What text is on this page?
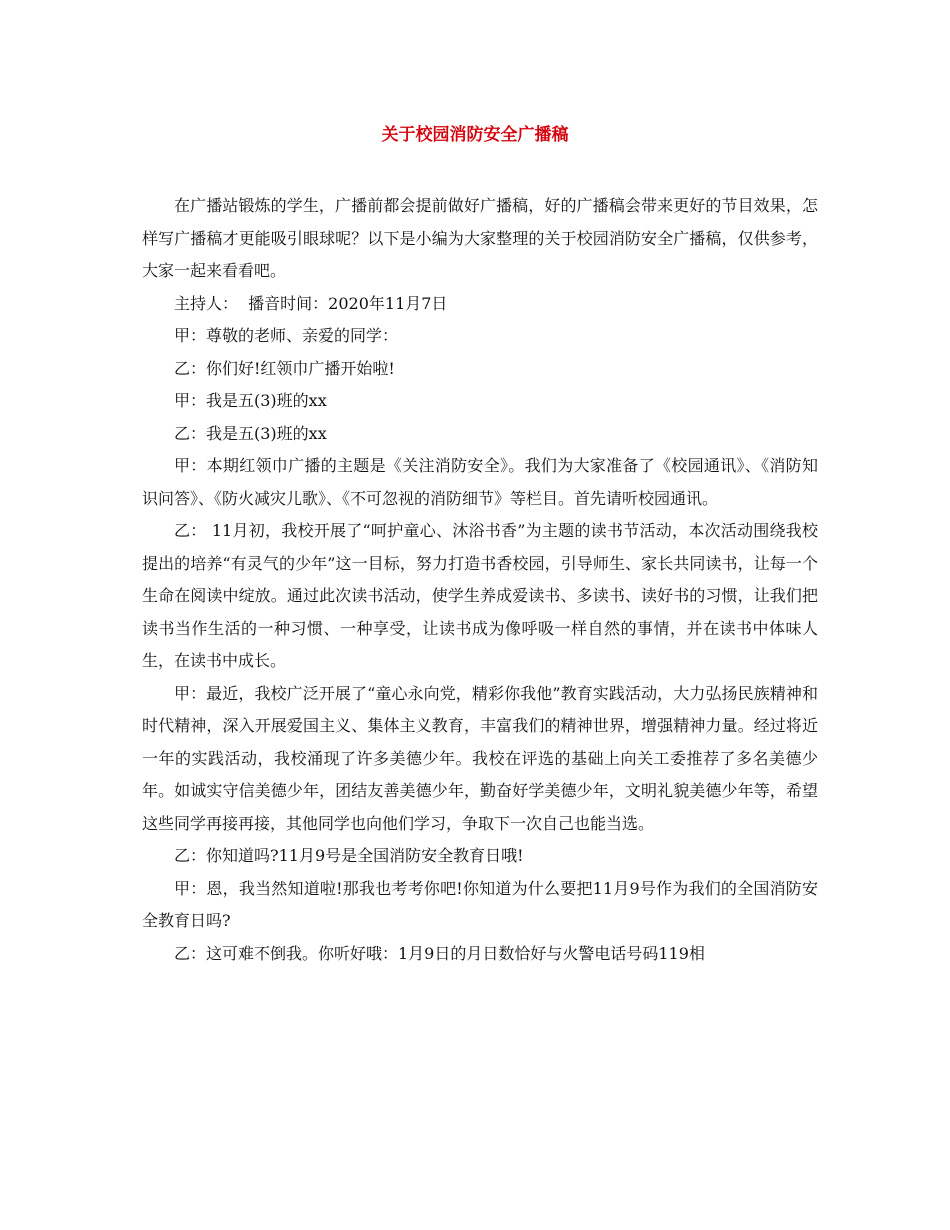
关于校园消防安全广播稿

在广播站锻炼的学生，广播前都会提前做好广播稿，好的广播稿会带来更好的节目效果，怎样写广播稿才更能吸引眼球呢？以下是小编为大家整理的关于校园消防安全广播稿，仅供参考，大家一起来看看吧。

主持人：  播音时间：2020年11月7日

甲：尊敬的老师、亲爱的同学：

乙：你们好!红领巾广播开始啦!

甲：我是五(3)班的xx

乙：我是五(3)班的xx

甲：本期红领巾广播的主题是《关注消防安全》。我们为大家准备了《校园通讯》、《消防知识问答》、《防火减灾儿歌》、《不可忽视的消防细节》等栏目。首先请听校园通讯。

乙： 11月初，我校开展了“呵护童心、沐浴书香”为主题的读书节活动，本次活动围绕我校提出的培养“有灵气的少年”这一目标，努力打造书香校园，引导师生、家长共同读书，让每一个生命在阅读中绽放。通过此次读书活动，使学生养成爱读书、多读书、读好书的习惯，让我们把读书当作生活的一种习惯、一种享受，让读书成为像呼吸一样自然的事情，并在读书中体味人生，在读书中成长。

甲：最近，我校广泛开展了“童心永向党，精彩你我他”教育实践活动，大力弘扬民族精神和时代精神，深入开展爱国主义、集体主义教育，丰富我们的精神世界，增强精神力量。经过将近一年的实践活动，我校涌现了许多美德少年。我校在评选的基础上向关工委推荐了多名美德少年。如诚实守信美德少年，团结友善美德少年，勤奋好学美德少年，文明礼貌美德少年等，希望这些同学再接再接，其他同学也向他们学习，争取下一次自己也能当选。

乙：你知道吗?11月9号是全国消防安全教育日哦!

甲：恩，我当然知道啦!那我也考考你吧!你知道为什么要把11月9号作为我们的全国消防安全教育日吗?

乙：这可难不倒我。你听好哦：1月9日的月日数恰好与火警电话号码119相
